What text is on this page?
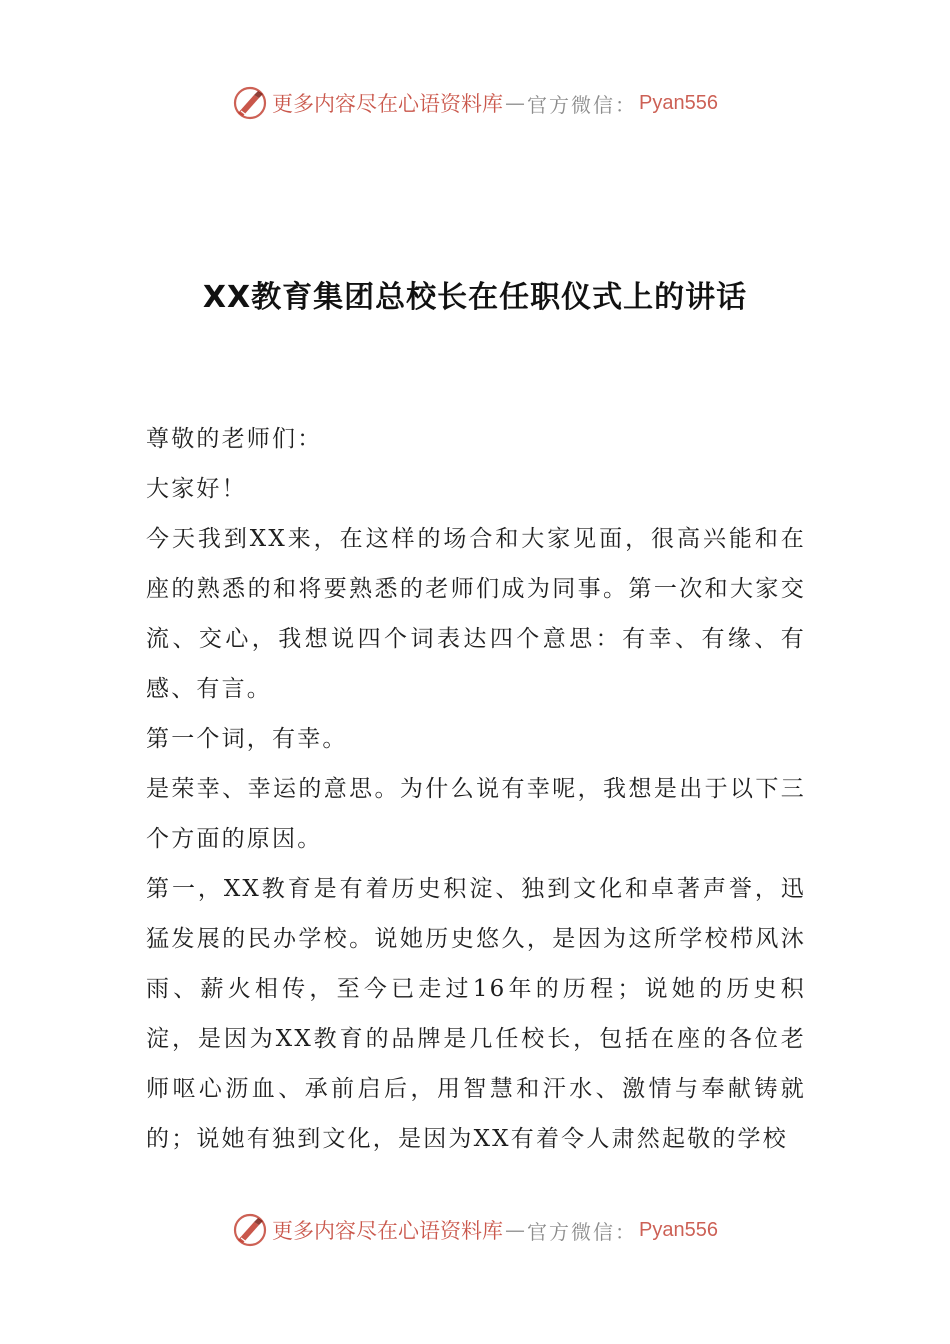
更多内容尽在心语资料库 — 官方微信： Pyan556
XX教育集团总校长在任职仪式上的讲话

尊敬的老师们：

大家好！

今天我到XX来，在这样的场合和大家见面，很高兴能和在座的熟悉的和将要熟悉的老师们成为同事。第一次和大家交流、交心，我想说四个词表达四个意思：有幸、有缘、有感、有言。

第一个词，有幸。

是荣幸、幸运的意思。为什么说有幸呢，我想是出于以下三个方面的原因。

第一，XX教育是有着历史积淀、独到文化和卓著声誉，迅猛发展的民办学校。说她历史悠久，是因为这所学校栉风沐雨、薪火相传，至今已走过16年的历程；说她的历史积淀，是因为XX教育的品牌是几任校长，包括在座的各位老师呕心沥血、承前启后，用智慧和汗水、激情与奉献铸就的；说她有独到文化，是因为XX有着令人肃然起敬的学校

更多内容尽在心语资料库 — 官方微信： Pyan556
